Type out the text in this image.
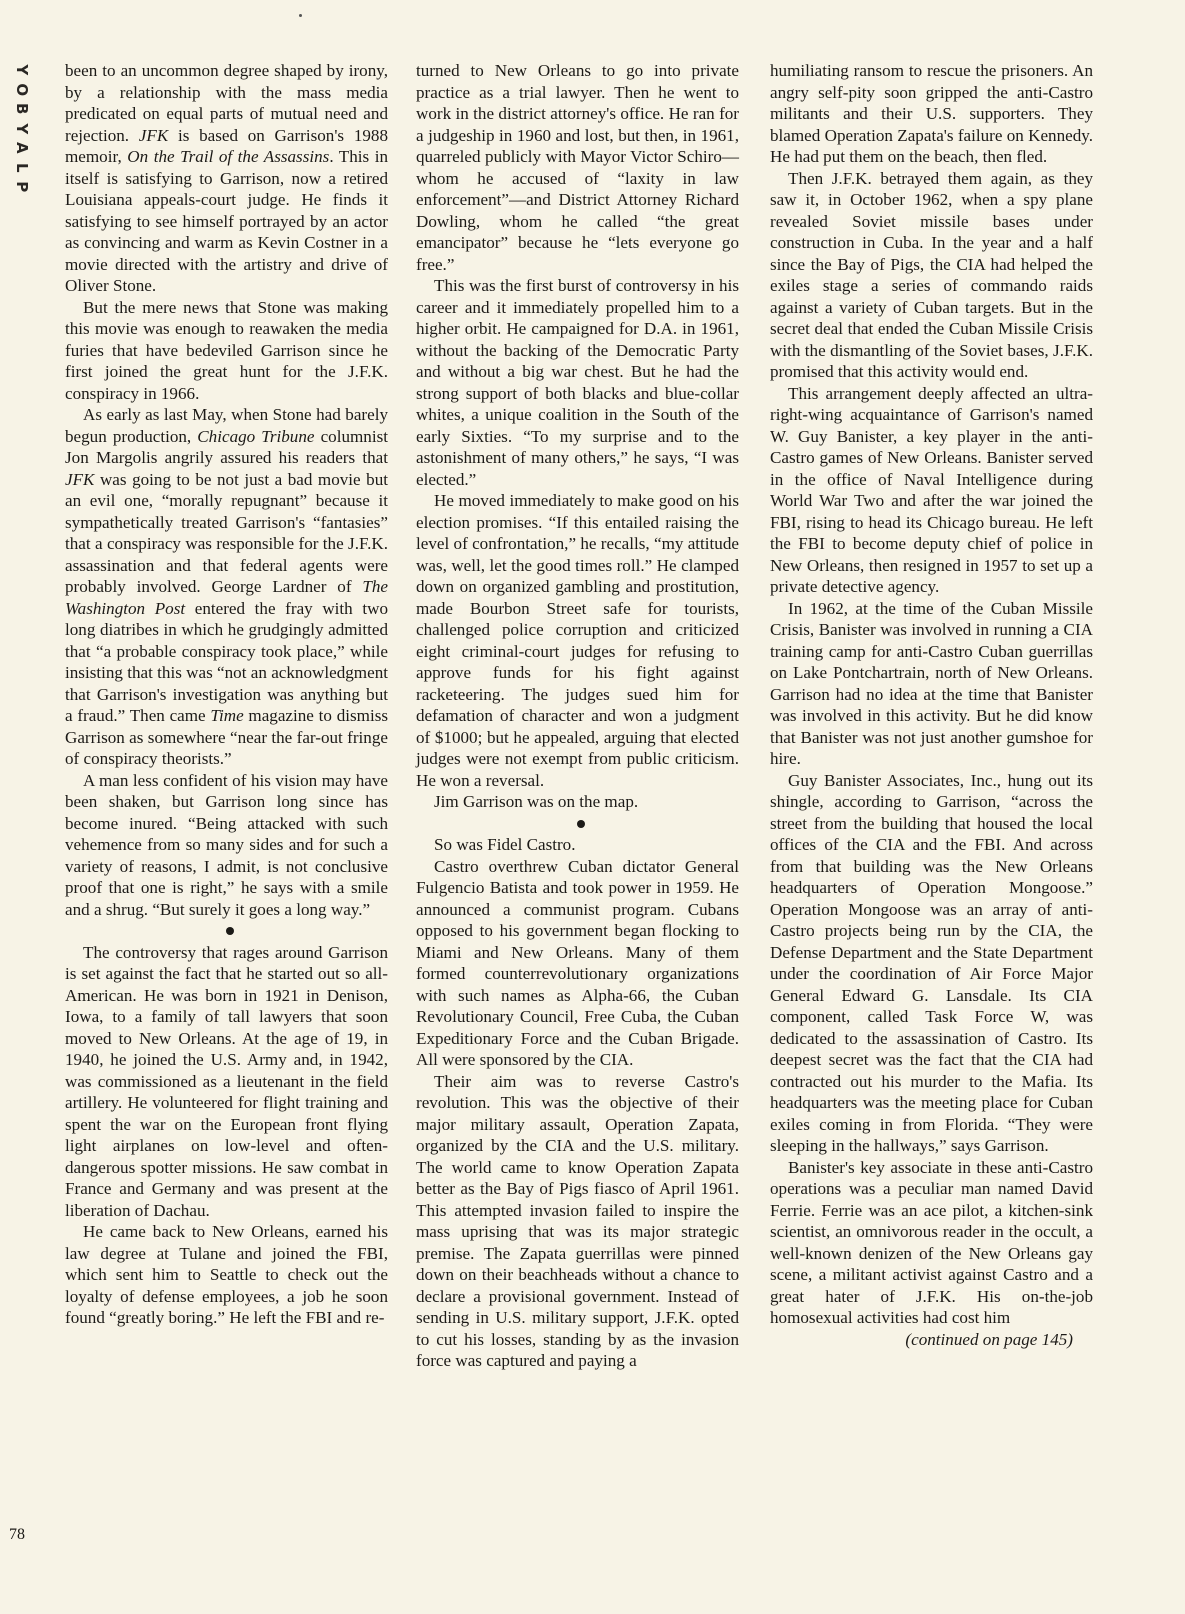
Y
O
B
Y
A
L
P

been to an uncommon degree shaped by irony, by a relationship with the mass media predicated on equal parts of mutual need and rejection. JFK is based on Garrison's 1988 memoir, On the Trail of the Assassins. This in itself is satisfying to Garrison, now a retired Louisiana appeals-court judge. He finds it satisfying to see himself portrayed by an actor as convincing and warm as Kevin Costner in a movie directed with the artistry and drive of Oliver Stone.

But the mere news that Stone was making this movie was enough to reawaken the media furies that have bedeviled Garrison since he first joined the great hunt for the J.F.K. conspiracy in 1966.

As early as last May, when Stone had barely begun production, Chicago Tribune columnist Jon Margolis angrily assured his readers that JFK was going to be not just a bad movie but an evil one, “morally repugnant” because it sympathetically treated Garrison's “fantasies” that a conspiracy was responsible for the J.F.K. assassination and that federal agents were probably involved. George Lardner of The Washington Post entered the fray with two long diatribes in which he grudgingly admitted that “a probable conspiracy took place,” while insisting that this was “not an acknowledgment that Garrison's investigation was anything but a fraud.” Then came Time magazine to dismiss Garrison as somewhere “near the far-out fringe of conspiracy theorists.”

A man less confident of his vision may have been shaken, but Garrison long since has become inured. “Being attacked with such vehemence from so many sides and for such a variety of reasons, I admit, is not conclusive proof that one is right,” he says with a smile and a shrug. “But surely it goes a long way.”

The controversy that rages around Garrison is set against the fact that he started out so all-American. He was born in 1921 in Denison, Iowa, to a family of tall lawyers that soon moved to New Orleans. At the age of 19, in 1940, he joined the U.S. Army and, in 1942, was commissioned as a lieutenant in the field artillery. He volunteered for flight training and spent the war on the European front flying light airplanes on low-level and often-dangerous spotter missions. He saw combat in France and Germany and was present at the liberation of Dachau.

He came back to New Orleans, earned his law degree at Tulane and joined the FBI, which sent him to Seattle to check out the loyalty of defense employees, a job he soon found “greatly boring.” He left the FBI and re-

turned to New Orleans to go into private practice as a trial lawyer. Then he went to work in the district attorney's office. He ran for a judgeship in 1960 and lost, but then, in 1961, quarreled publicly with Mayor Victor Schiro—whom he accused of “laxity in law enforcement”—and District Attorney Richard Dowling, whom he called “the great emancipator” because he “lets everyone go free.”

This was the first burst of controversy in his career and it immediately propelled him to a higher orbit. He campaigned for D.A. in 1961, without the backing of the Democratic Party and without a big war chest. But he had the strong support of both blacks and blue-collar whites, a unique coalition in the South of the early Sixties. “To my surprise and to the astonishment of many others,” he says, “I was elected.”

He moved immediately to make good on his election promises. “If this entailed raising the level of confrontation,” he recalls, “my attitude was, well, let the good times roll.” He clamped down on organized gambling and prostitution, made Bourbon Street safe for tourists, challenged police corruption and criticized eight criminal-court judges for refusing to approve funds for his fight against racketeering. The judges sued him for defamation of character and won a judgment of $1000; but he appealed, arguing that elected judges were not exempt from public criticism. He won a reversal.

Jim Garrison was on the map.

So was Fidel Castro.

Castro overthrew Cuban dictator General Fulgencio Batista and took power in 1959. He announced a communist program. Cubans opposed to his government began flocking to Miami and New Orleans. Many of them formed counterrevolutionary organizations with such names as Alpha-66, the Cuban Revolutionary Council, Free Cuba, the Cuban Expeditionary Force and the Cuban Brigade. All were sponsored by the CIA.

Their aim was to reverse Castro's revolution. This was the objective of their major military assault, Operation Zapata, organized by the CIA and the U.S. military. The world came to know Operation Zapata better as the Bay of Pigs fiasco of April 1961. This attempted invasion failed to inspire the mass uprising that was its major strategic premise. The Zapata guerrillas were pinned down on their beachheads without a chance to declare a provisional government. Instead of sending in U.S. military support, J.F.K. opted to cut his losses, standing by as the invasion force was captured and paying a

humiliating ransom to rescue the prisoners. An angry self-pity soon gripped the anti-Castro militants and their U.S. supporters. They blamed Operation Zapata's failure on Kennedy. He had put them on the beach, then fled.

Then J.F.K. betrayed them again, as they saw it, in October 1962, when a spy plane revealed Soviet missile bases under construction in Cuba. In the year and a half since the Bay of Pigs, the CIA had helped the exiles stage a series of commando raids against a variety of Cuban targets. But in the secret deal that ended the Cuban Missile Crisis with the dismantling of the Soviet bases, J.F.K. promised that this activity would end.

This arrangement deeply affected an ultra-right-wing acquaintance of Garrison's named W. Guy Banister, a key player in the anti-Castro games of New Orleans. Banister served in the office of Naval Intelligence during World War Two and after the war joined the FBI, rising to head its Chicago bureau. He left the FBI to become deputy chief of police in New Orleans, then resigned in 1957 to set up a private detective agency.

In 1962, at the time of the Cuban Missile Crisis, Banister was involved in running a CIA training camp for anti-Castro Cuban guerrillas on Lake Pontchartrain, north of New Orleans. Garrison had no idea at the time that Banister was involved in this activity. But he did know that Banister was not just another gumshoe for hire.

Guy Banister Associates, Inc., hung out its shingle, according to Garrison, “across the street from the building that housed the local offices of the CIA and the FBI. And across from that building was the New Orleans headquarters of Operation Mongoose.” Operation Mongoose was an array of anti-Castro projects being run by the CIA, the Defense Department and the State Department under the coordination of Air Force Major General Edward G. Lansdale. Its CIA component, called Task Force W, was dedicated to the assassination of Castro. Its deepest secret was the fact that the CIA had contracted out his murder to the Mafia. Its headquarters was the meeting place for Cuban exiles coming in from Florida. “They were sleeping in the hallways,” says Garrison.

Banister's key associate in these anti-Castro operations was a peculiar man named David Ferrie. Ferrie was an ace pilot, a kitchen-sink scientist, an omnivorous reader in the occult, a well-known denizen of the New Orleans gay scene, a militant activist against Castro and a great hater of J.F.K. His on-the-job homosexual activities had cost him

(continued on page 145)
78
